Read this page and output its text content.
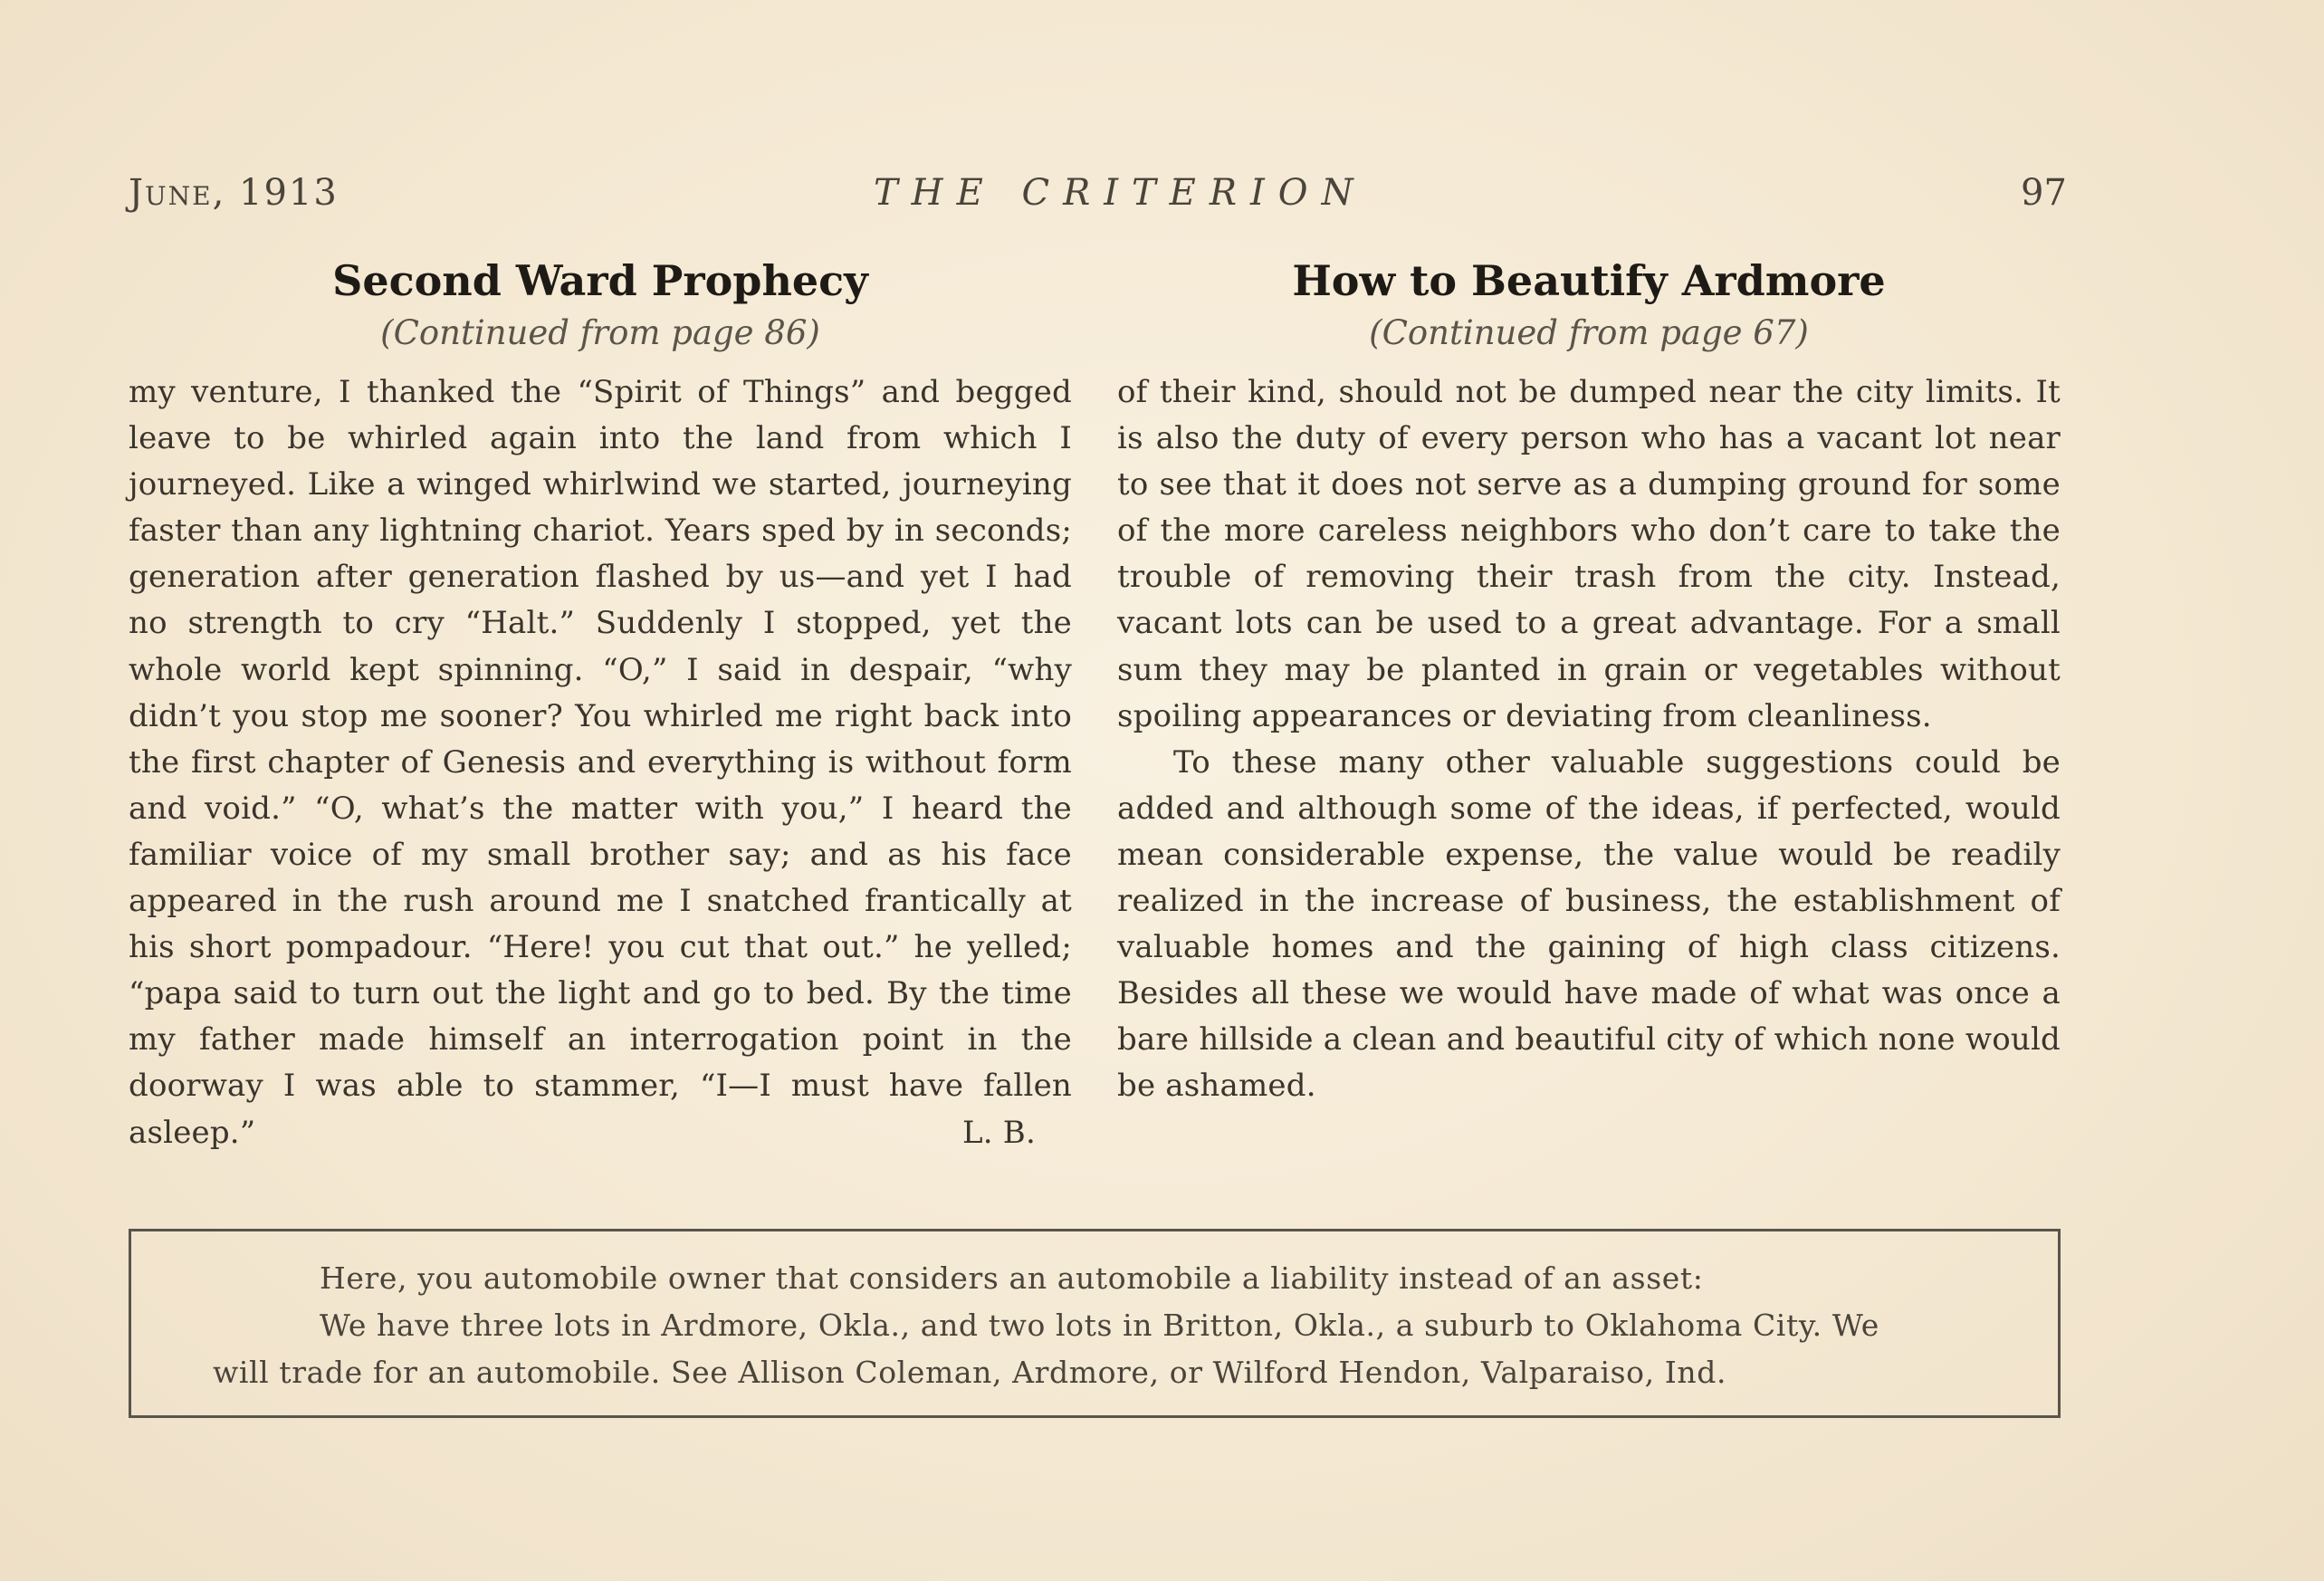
June, 1913	THE CRITERION	97
Second Ward Prophecy
(Continued from page 86)

my venture, I thanked the “Spirit of Things” and begged leave to be whirled again into the land from which I journeyed. Like a winged whirlwind we started, journeying faster than any lightning chariot. Years sped by in seconds; generation after generation flashed by us—and yet I had no strength to cry “Halt.” Suddenly I stopped, yet the whole world kept spinning. “O,” I said in despair, “why didn’t you stop me sooner? You whirled me right back into the first chapter of Genesis and everything is without form and void.” “O, what’s the matter with you,” I heard the familiar voice of my small brother say; and as his face appeared in the rush around me I snatched frantically at his short pompadour. “Here! you cut that out.” he yelled; “papa said to turn out the light and go to bed. By the time my father made himself an interrogation point in the doorway I was able to stammer, “I—I must have fallen asleep.”	L. B.

How to Beautify Ardmore
(Continued from page 67)

of their kind, should not be dumped near the city limits. It is also the duty of every person who has a vacant lot near to see that it does not serve as a dumping ground for some of the more careless neighbors who don’t care to take the trouble of removing their trash from the city. Instead, vacant lots can be used to a great advantage. For a small sum they may be planted in grain or vegetables without spoiling appearances or deviating from cleanliness.

To these many other valuable suggestions could be added and although some of the ideas, if perfected, would mean considerable expense, the value would be readily realized in the increase of business, the establishment of valuable homes and the gaining of high class citizens. Besides all these we would have made of what was once a bare hillside a clean and beautiful city of which none would be ashamed.

Here, you automobile owner that considers an automobile a liability instead of an asset:

We have three lots in Ardmore, Okla., and two lots in Britton, Okla., a suburb to Oklahoma City. We

will trade for an automobile. See Allison Coleman, Ardmore, or Wilford Hendon, Valparaiso, Ind.
